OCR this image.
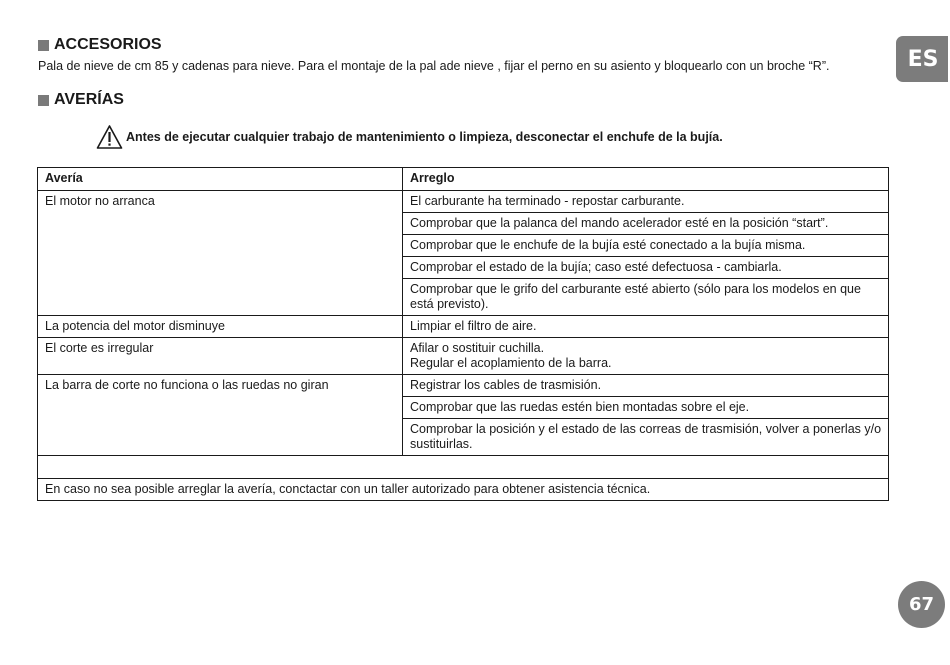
ACCESORIOS
Pala de nieve de cm 85 y cadenas para nieve. Para el montaje de la pal ade nieve , fijar el perno en su asiento y bloquearlo con un broche “R”.
AVERÍAS
Antes de ejecutar cualquier trabajo de mantenimiento o limpieza, desconectar el enchufe de la bujía.
Avería	Arreglo
El motor no arranca	El carburante ha terminado - repostar carburante.
	Comprobar que la palanca del mando acelerador esté en la posición “start”.
	Comprobar que le enchufe de la bujía esté conectado a la bujía misma.
	Comprobar el estado de la bujía; caso esté defectuosa - cambiarla.
	Comprobar que le grifo del carburante esté abierto (sólo para los modelos en que está previsto).
La potencia del motor disminuye	Limpiar el filtro de aire.
El corte es irregular	Afilar o sostituir cuchilla.
Regular el acoplamiento de la barra.

La barra de corte no funciona o las ruedas no giran	Registrar los cables de trasmisión.
	Comprobar que las ruedas estén bien montadas sobre el eje.
	Comprobar la posición y el estado de las correas de trasmisión, volver a ponerlas y/o sustituirlas.

En caso no sea posible arreglar la avería, conctactar con un taller autorizado para obtener asistencia técnica.	
ES
67
